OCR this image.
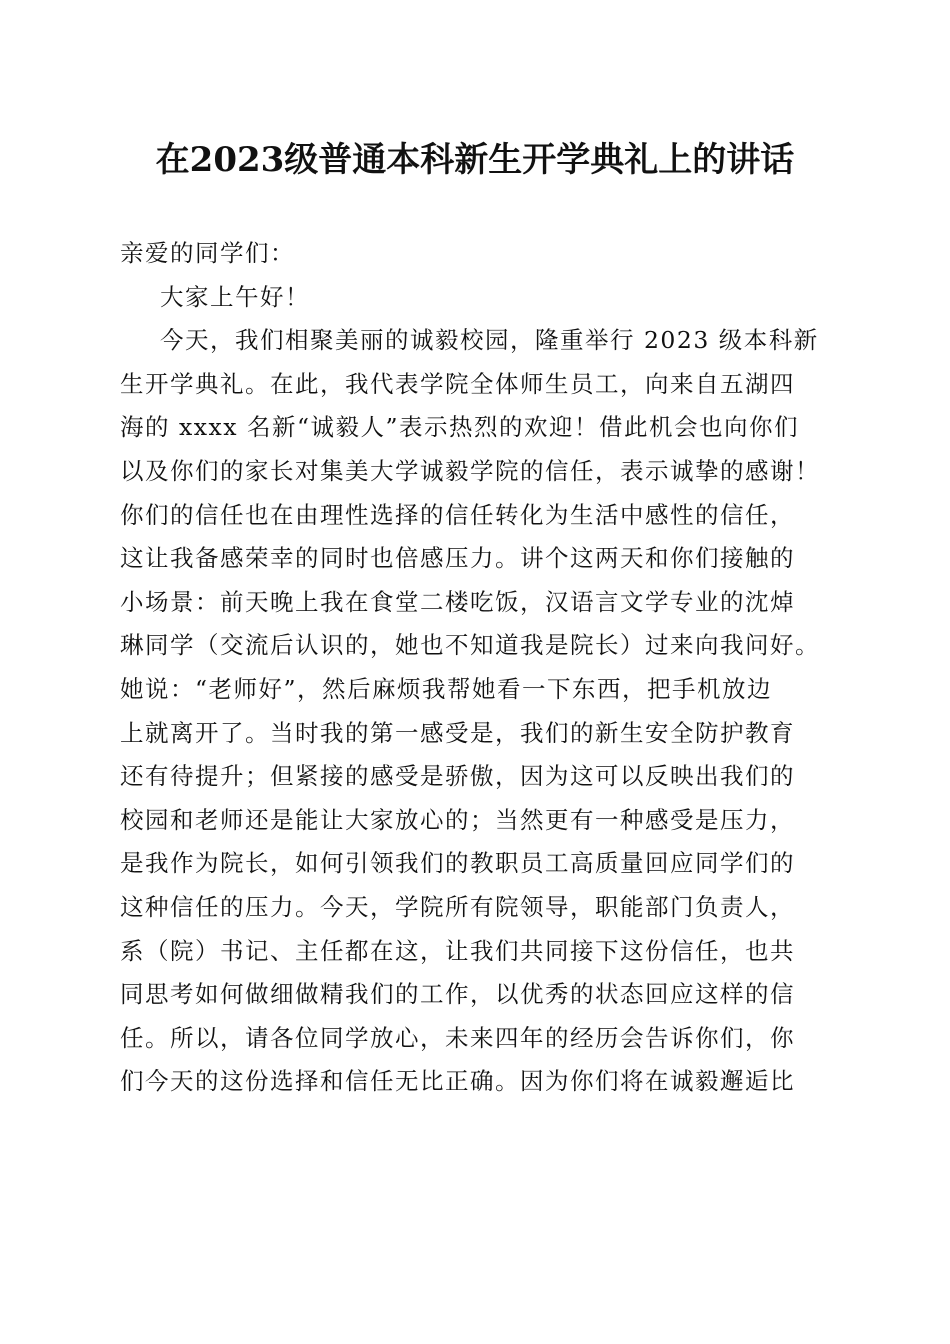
在2023级普通本科新生开学典礼上的讲话
亲爱的同学们：
大家上午好！
今天，我们相聚美丽的诚毅校园，隆重举行 2023 级本科新
生开学典礼。在此，我代表学院全体师生员工，向来自五湖四
海的 xxxx 名新“诚毅人”表示热烈的欢迎！借此机会也向你们
以及你们的家长对集美大学诚毅学院的信任，表示诚挚的感谢！
你们的信任也在由理性选择的信任转化为生活中感性的信任，
这让我备感荣幸的同时也倍感压力。讲个这两天和你们接触的
小场景：前天晚上我在食堂二楼吃饭，汉语言文学专业的沈焯
琳同学（交流后认识的，她也不知道我是院长）过来向我问好。
她说：“老师好”，然后麻烦我帮她看一下东西，把手机放边
上就离开了。当时我的第一感受是，我们的新生安全防护教育
还有待提升；但紧接的感受是骄傲，因为这可以反映出我们的
校园和老师还是能让大家放心的；当然更有一种感受是压力，
是我作为院长，如何引领我们的教职员工高质量回应同学们的
这种信任的压力。今天，学院所有院领导，职能部门负责人，
系（院）书记、主任都在这，让我们共同接下这份信任，也共
同思考如何做细做精我们的工作，以优秀的状态回应这样的信
任。所以，请各位同学放心，未来四年的经历会告诉你们，你
们今天的这份选择和信任无比正确。因为你们将在诚毅邂逅比
